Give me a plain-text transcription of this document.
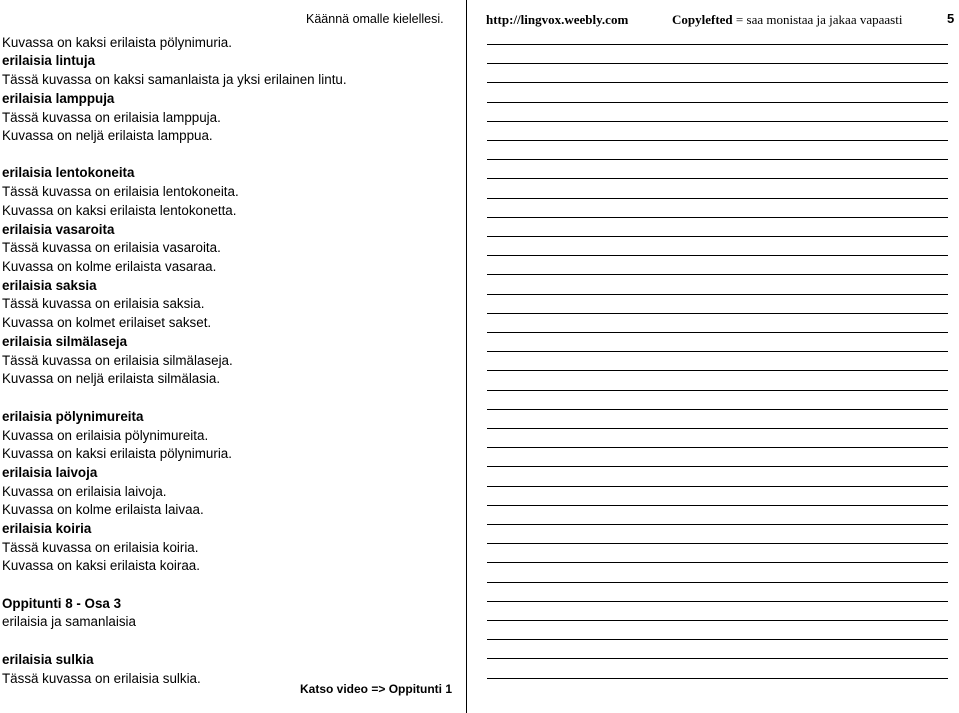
Käännä omalle kielellesi.
Kuvassa on kaksi erilaista pölynimuria.
erilaisia lintuja
Tässä kuvassa on kaksi samanlaista ja yksi erilainen lintu.
erilaisia lamppuja
Tässä kuvassa on erilaisia lamppuja.
Kuvassa on neljä erilaista lamppua.
erilaisia lentokoneita
Tässä kuvassa on erilaisia lentokoneita.
Kuvassa on kaksi erilaista lentokonetta.
erilaisia vasaroita
Tässä kuvassa on erilaisia vasaroita.
Kuvassa on kolme erilaista vasaraa.
erilaisia saksia
Tässä kuvassa on erilaisia saksia.
Kuvassa on kolmet erilaiset sakset.
erilaisia silmälaseja
Tässä kuvassa on erilaisia silmälaseja.
Kuvassa on neljä erilaista silmälasia.
erilaisia pölynimureita
Kuvassa on erilaisia pölynimureita.
Kuvassa on kaksi erilaista pölynimuria.
erilaisia laivoja
Kuvassa on erilaisia laivoja.
Kuvassa on kolme erilaista laivaa.
erilaisia koiria
Tässä kuvassa on erilaisia koiria.
Kuvassa on kaksi erilaista koiraa.
Oppitunti 8 - Osa 3
erilaisia ja samanlaisia
erilaisia sulkia
Tässä kuvassa on erilaisia sulkia.
Katso video => Oppitunti 1
http://lingvox.weebly.com	Copylefted = saa monistaa ja jakaa vapaasti	5
